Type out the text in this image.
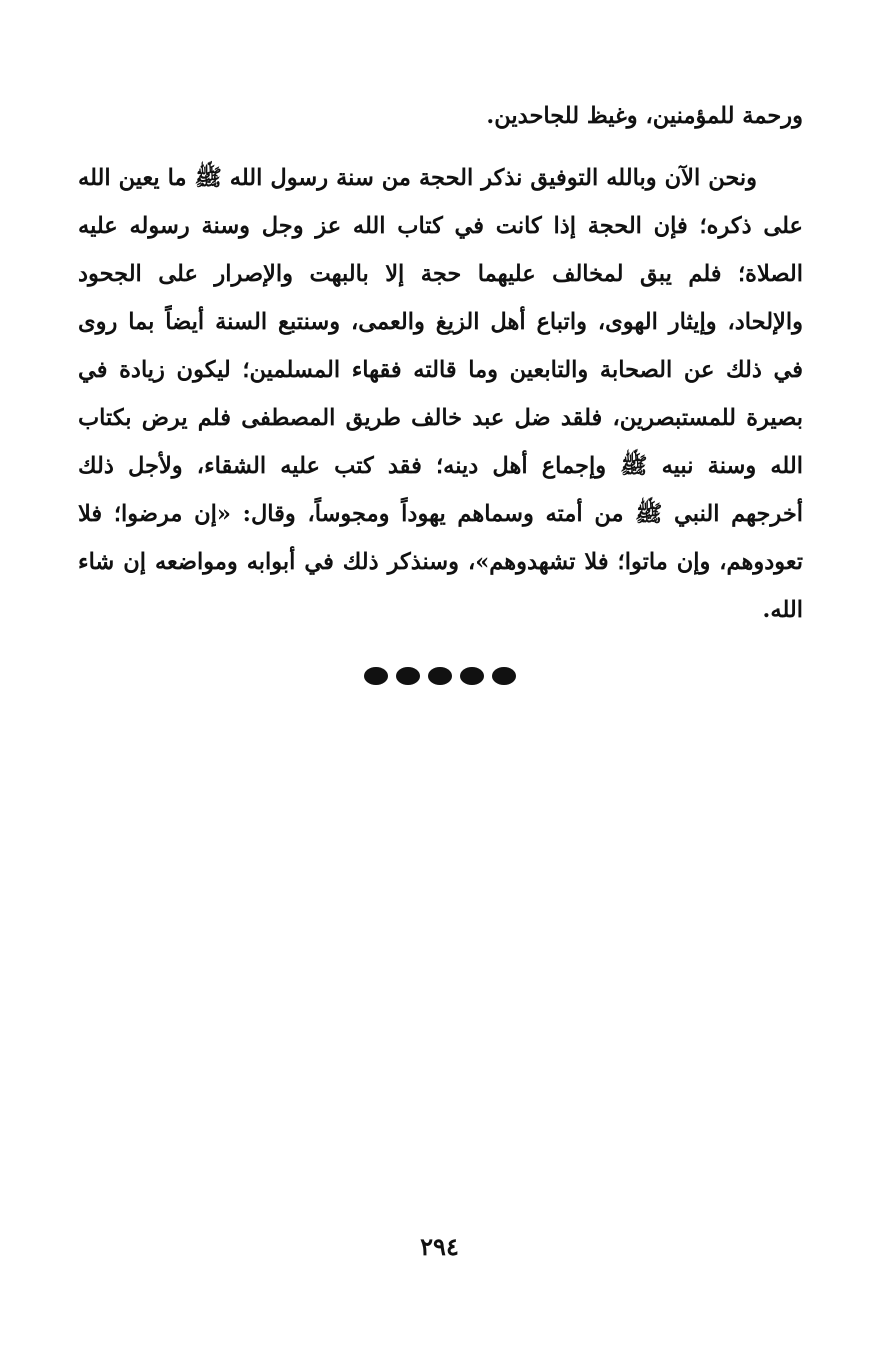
ورحمة للمؤمنين، وغيظ للجاحدين.
ونحن الآن وبالله التوفيق نذكر الحجة من سنة رسول الله ﷺ ما يعين الله
على ذكره؛ فإن الحجة إذا كانت في كتاب الله عز وجل وسنة رسوله عليه
الصلاة؛ فلم يبق لمخالف عليهما حجة إلا بالبهت والإصرار على الجحود
والإلحاد، وإيثار الهوى، واتباع أهل الزيغ والعمى، وسنتبع السنة أيضاً بما روى
في ذلك عن الصحابة والتابعين وما قالته فقهاء المسلمين؛ ليكون زيادة في
بصيرة للمستبصرين، فلقد ضل عبد خالف طريق المصطفى فلم يرض بكتاب
الله وسنة نبيه ﷺ وإجماع أهل دينه؛ فقد كتب عليه الشقاء، ولأجل ذلك
أخرجهم النبي ﷺ من أمته وسماهم يهوداً ومجوساً، وقال: «إن مرضوا؛ فلا
تعودوهم، وإن ماتوا؛ فلا تشهدوهم»، وسنذكر ذلك في أبوابه ومواضعه إن شاء
الله.
٢٩٤
